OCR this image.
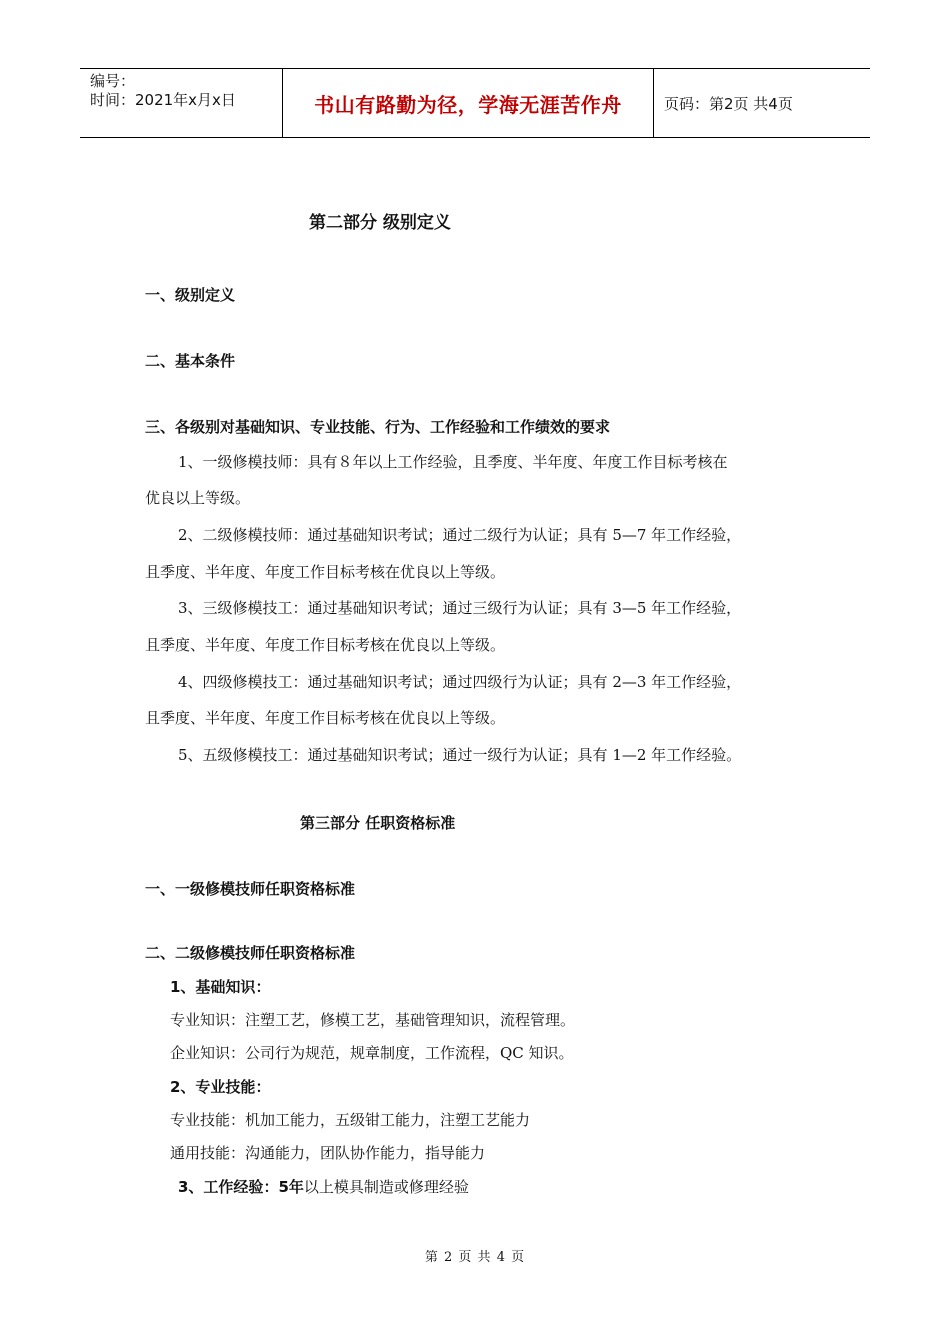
编号：
时间：2021年x月x日	书山有路勤为径，学海无涯苦作舟	页码：第2页 共4页
第二部分 级别定义
一、级别定义
二、基本条件
三、各级别对基础知识、专业技能、行为、工作经验和工作绩效的要求
1、一级修模技师：具有８年以上工作经验，且季度、半年度、年度工作目标考核在
优良以上等级。
2、二级修模技师：通过基础知识考试；通过二级行为认证；具有 5—7 年工作经验，
且季度、半年度、年度工作目标考核在优良以上等级。
3、三级修模技工：通过基础知识考试；通过三级行为认证；具有 3—5 年工作经验，
且季度、半年度、年度工作目标考核在优良以上等级。
4、四级修模技工：通过基础知识考试；通过四级行为认证；具有 2—3 年工作经验，
且季度、半年度、年度工作目标考核在优良以上等级。
5、五级修模技工：通过基础知识考试；通过一级行为认证；具有 1—2 年工作经验。
第三部分 任职资格标准
一、一级修模技师任职资格标准
二、二级修模技师任职资格标准
1、基础知识：
专业知识：注塑工艺，修模工艺，基础管理知识，流程管理。
企业知识：公司行为规范，规章制度，工作流程，QC 知识。
2、专业技能：
专业技能：机加工能力，五级钳工能力，注塑工艺能力
通用技能：沟通能力，团队协作能力，指导能力
3、工作经验：5年以上模具制造或修理经验
第 2 页 共 4 页
